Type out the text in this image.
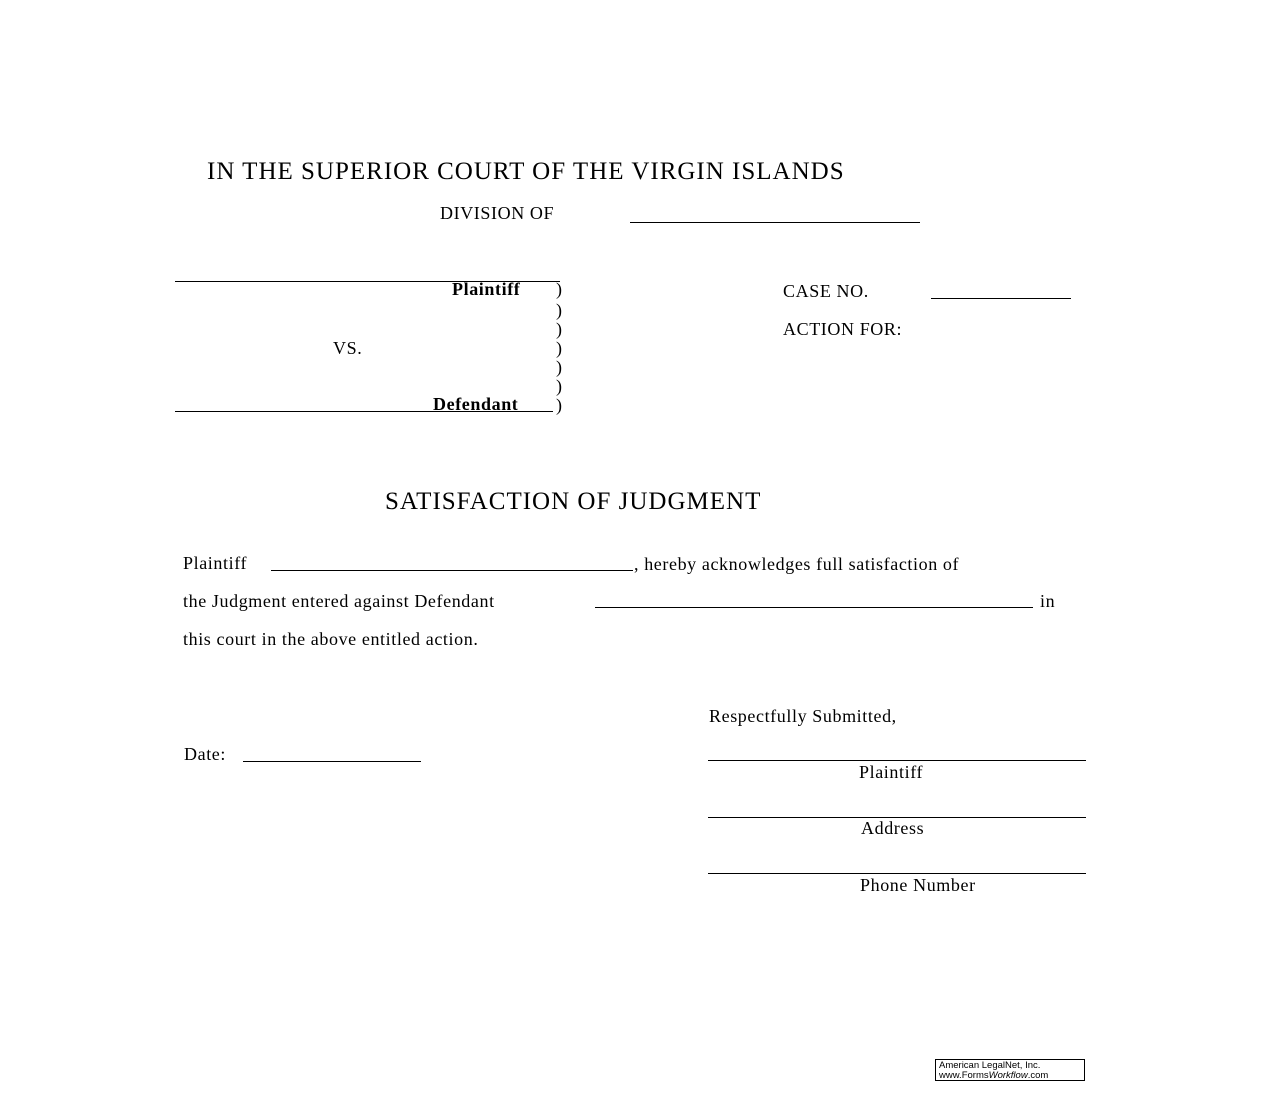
IN THE SUPERIOR COURT OF THE VIRGIN ISLANDS
DIVISION OF
Plaintiff )
)
)
)
)
)
)
VS.
Defendant
CASE NO.
ACTION FOR:
SATISFACTION OF JUDGMENT
Plaintiff	, hereby acknowledges full satisfaction of
the Judgment entered against Defendant	in
this court in the above entitled action.
Respectfully Submitted,
Date:
Plaintiff
Address
Phone Number
American LegalNet, Inc.
www.FormsWorkflow.com
